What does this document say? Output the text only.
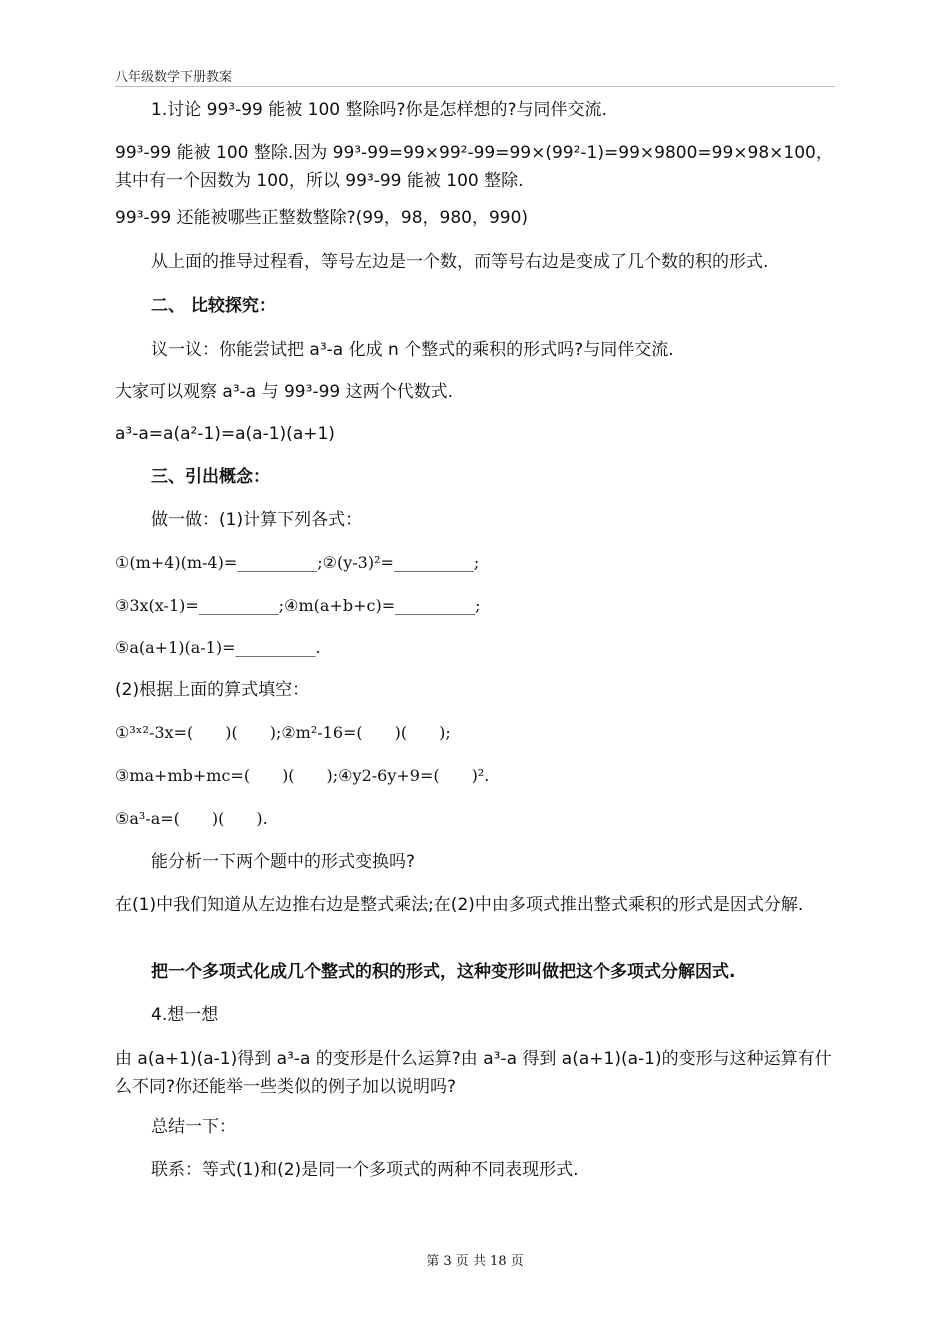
八年级数学下册教案
第 3 页 共 18 页

1.讨论 99³-99 能被 100 整除吗?你是怎样想的?与同伴交流.

99³-99 能被 100 整除.因为 99³-99=99×99²-99=99×(99²-1)=99×9800=99×98×100，其中有一个因数为 100，所以 99³-99 能被 100 整除.

99³-99 还能被哪些正整数整除?(99，98，980，990)

从上面的推导过程看，等号左边是一个数，而等号右边是变成了几个数的积的形式.

二、 比较探究：

议一议：你能尝试把 a³-a 化成 n 个整式的乘积的形式吗?与同伴交流.

大家可以观察 a³-a 与 99³-99 这两个代数式.

a³-a=a(a²-1)=a(a-1)(a+1)

三、引出概念：

做一做：(1)计算下列各式：

①(m+4)(m-4)=__________;②(y-3)²=__________;

③3x(x-1)=__________;④m(a+b+c)=__________;

⑤a(a+1)(a-1)=__________.

(2)根据上面的算式填空：

①³ˣ²-3x=(　　)(　　);②m²-16=(　　)(　　);

③ma+mb+mc=(　　)(　　);④y2-6y+9=(　　)².

⑤a³-a=(　　)(　　).

能分析一下两个题中的形式变换吗?

在(1)中我们知道从左边推右边是整式乘法;在(2)中由多项式推出整式乘积的形式是因式分解.

把一个多项式化成几个整式的积的形式，这种变形叫做把这个多项式分解因式.

4.想一想

由 a(a+1)(a-1)得到 a³-a 的变形是什么运算?由 a³-a 得到 a(a+1)(a-1)的变形与这种运算有什么不同?你还能举一些类似的例子加以说明吗?

总结一下：

联系：等式(1)和(2)是同一个多项式的两种不同表现形式.
